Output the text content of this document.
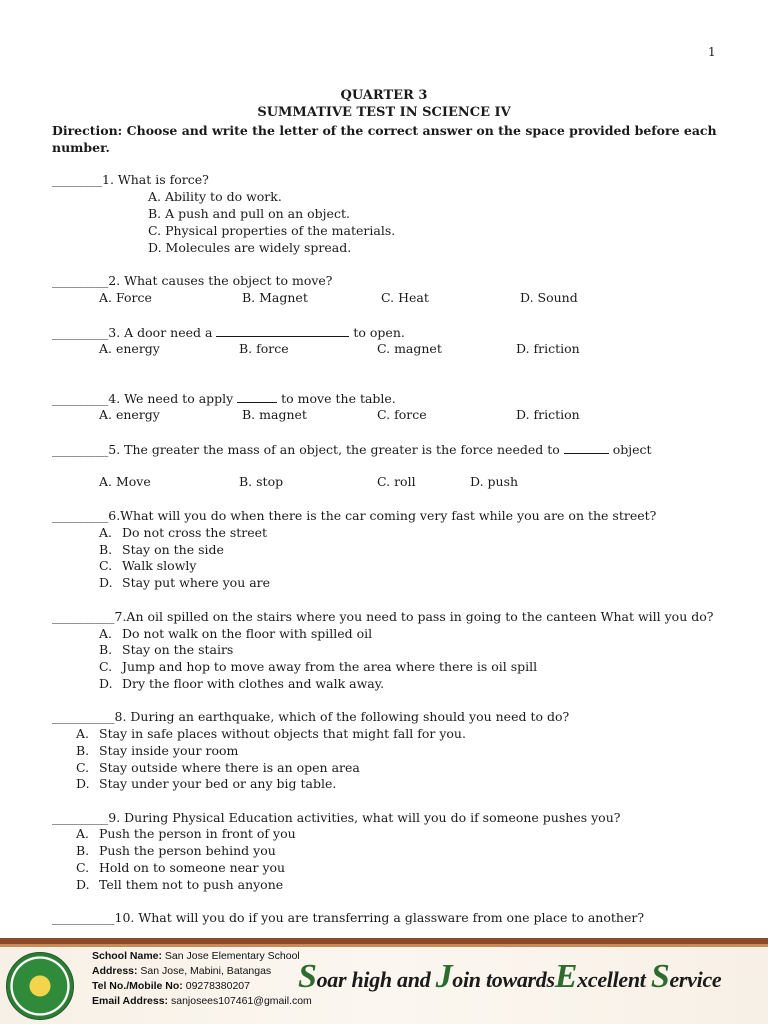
1
QUARTER 3
SUMMATIVE TEST IN SCIENCE IV
Direction: Choose and write the letter of the correct answer on the space provided before each number.
________1. What is force?
A. Ability to do work.
B. A push and pull on an object.
C. Physical properties of the materials.
D. Molecules are widely spread.
_________2. What causes the object to move?
A. Force	B. Magnet	C. Heat	D. Sound
_________3. A door need a	to open.
A. energy	B. force	C. magnet	D. friction
_________4. We need to apply	to move the table.
A. energy	B. magnet	C. force	D. friction
_________5. The greater the mass of an object, the greater is the force needed to	object
A. Move	B. stop	C. roll	D. push
_________6.What will you do when there is the car coming very fast while you are on the street?
A. Do not cross the street
B. Stay on the side
C. Walk slowly
D. Stay put where you are
__________7.An oil spilled on the stairs where you need to pass in going to the canteen What will you do?
A. Do not walk on the floor with spilled oil
B. Stay on the stairs
C. Jump and hop to move away from the area where there is oil spill
D. Dry the floor with clothes and walk away.
__________8. During an earthquake, which of the following should you need to do?
A. Stay in safe places without objects that might fall for you.
B. Stay inside your room
C. Stay outside where there is an open area
D. Stay under your bed or any big table.
_________9. During Physical Education activities, what will you do if someone pushes you?
A. Push the person in front of you
B. Push the person behind you
C. Hold on to someone near you
D. Tell them not to push anyone
__________10. What will you do if you are transferring a glassware from one place to another?
School Name: San Jose Elementary School
Address: San Jose, Mabini, Batangas
Tel No./Mobile No: 09278380207
Email Address: sanjosees107461@gmail.com
Soar high and Join towardsExcellent Service
